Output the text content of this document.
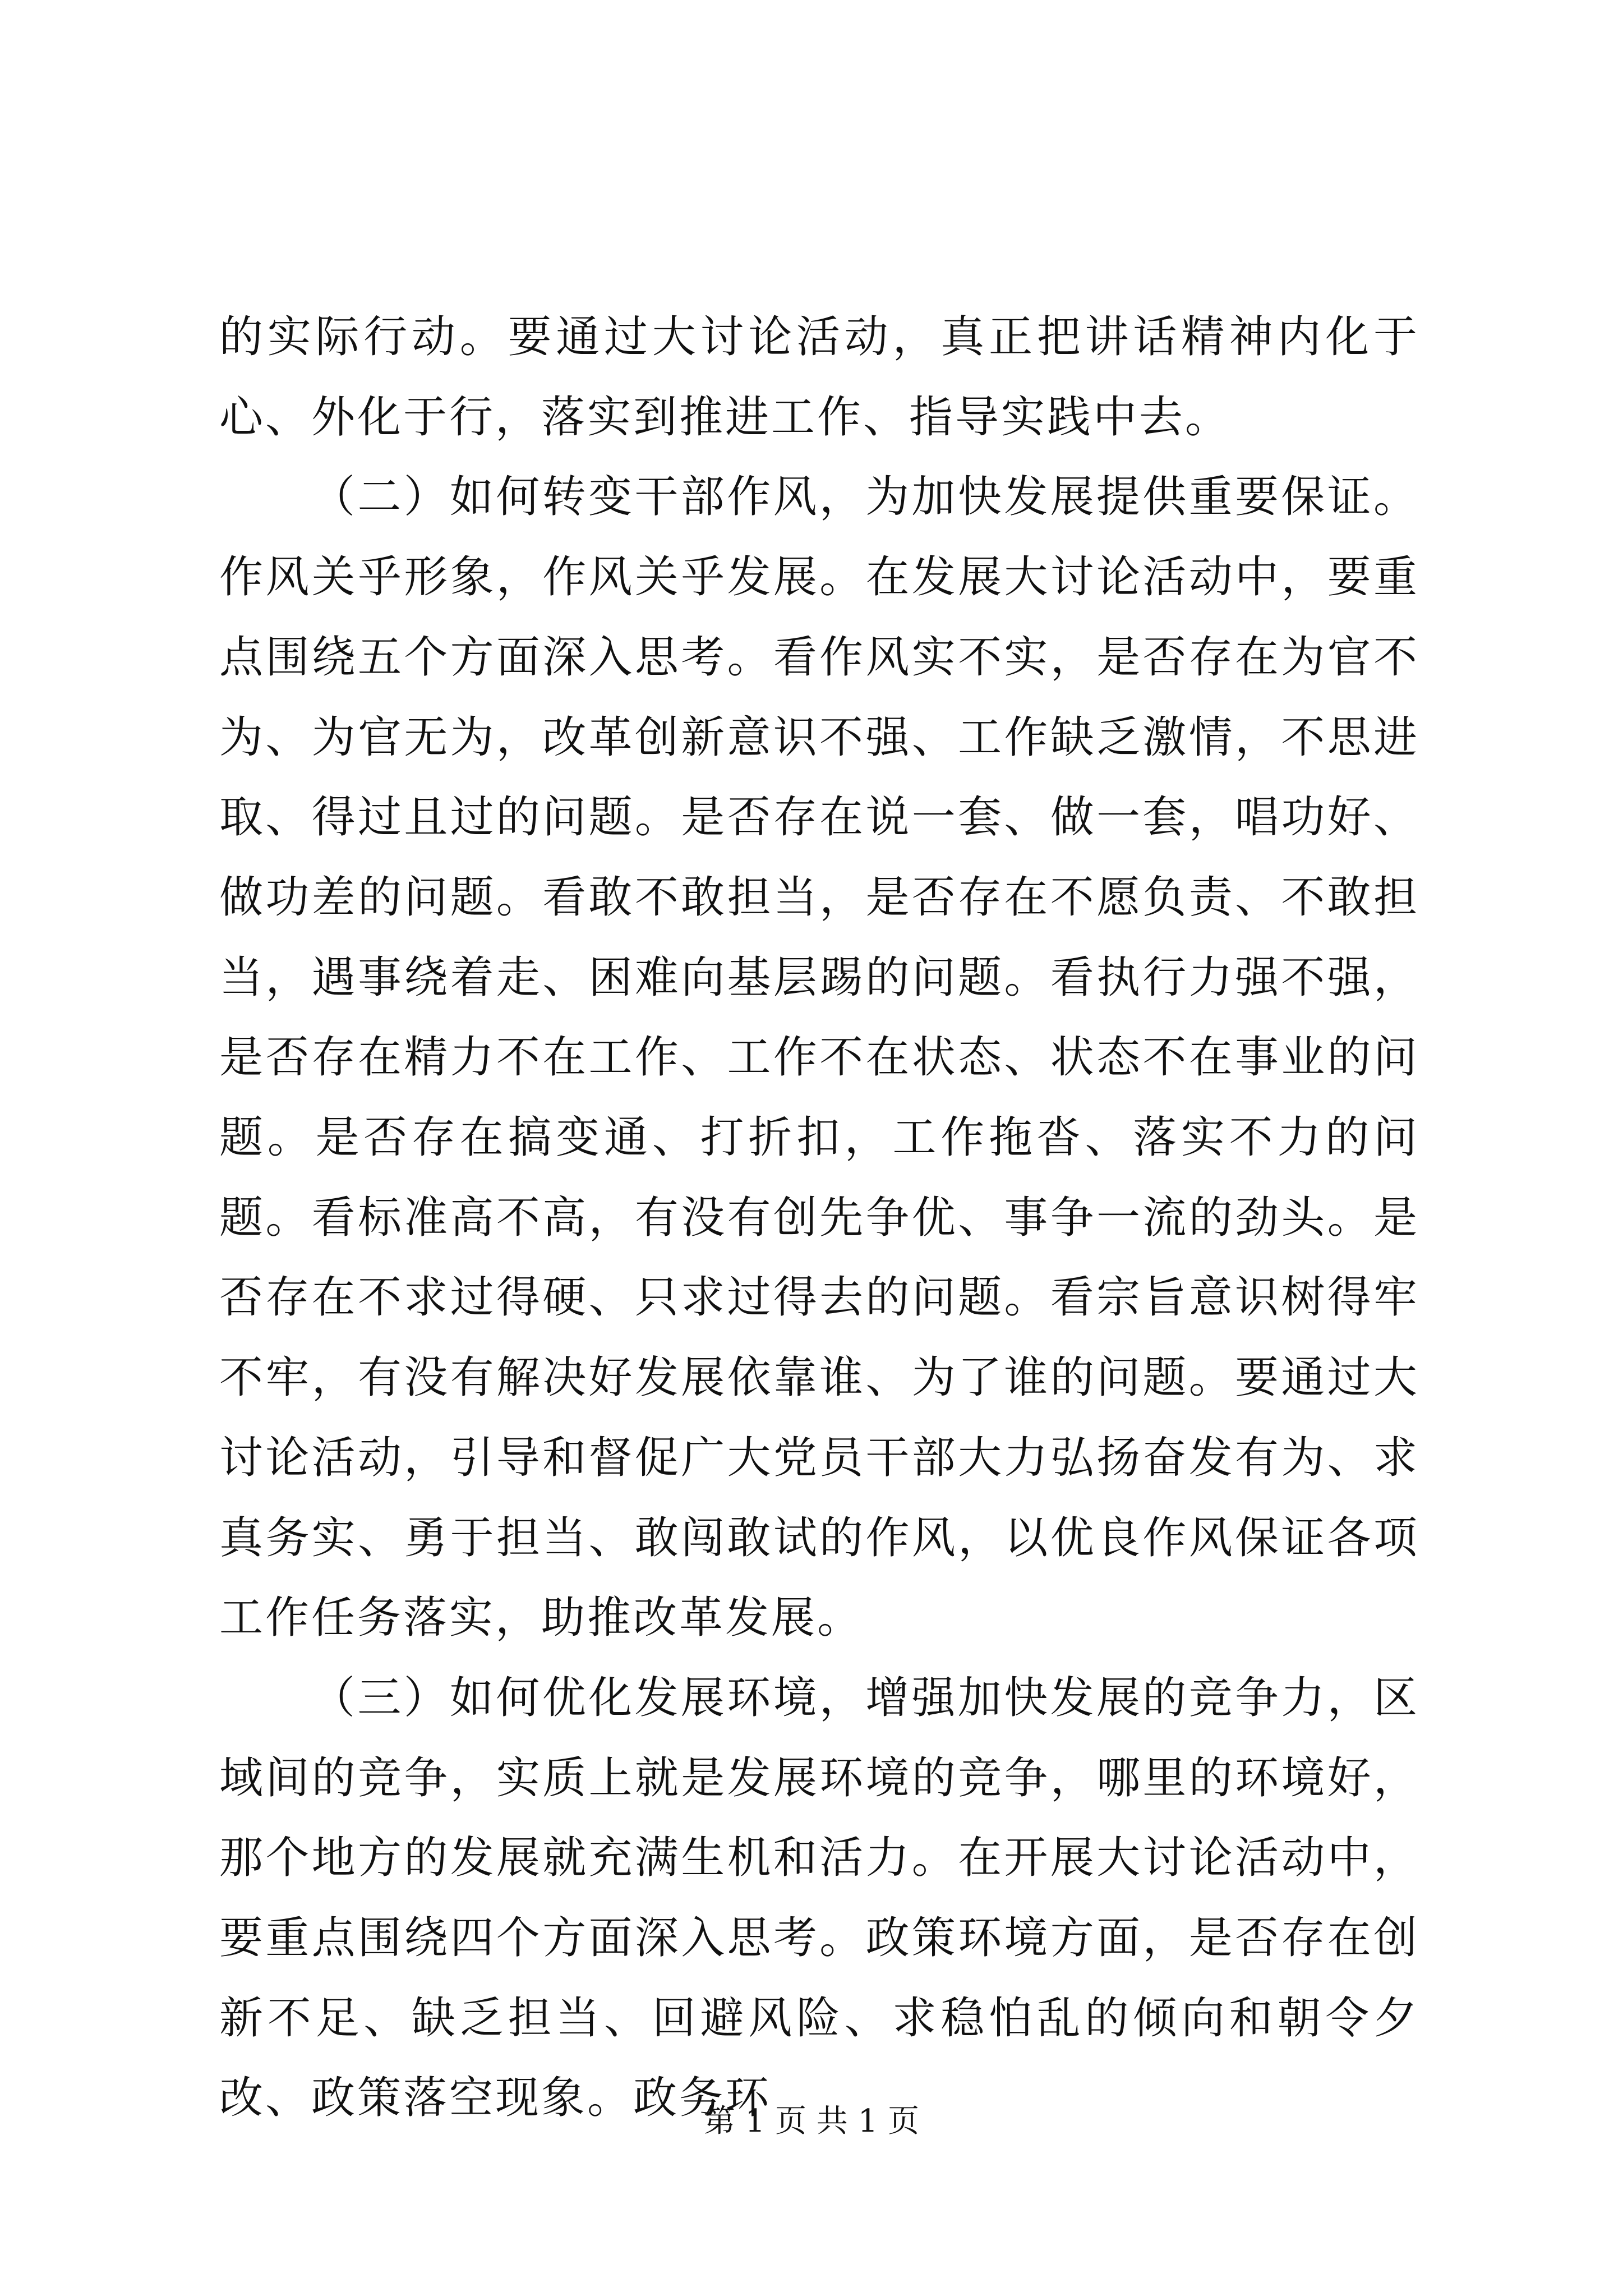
的实际行动。要通过大讨论活动，真正把讲话精神内化于心、外化于行，落实到推进工作、指导实践中去。

（二）如何转变干部作风，为加快发展提供重要保证。作风关乎形象，作风关乎发展。在发展大讨论活动中，要重点围绕五个方面深入思考。看作风实不实，是否存在为官不为、为官无为，改革创新意识不强、工作缺乏激情，不思进取、得过且过的问题。是否存在说一套、做一套，唱功好、做功差的问题。看敢不敢担当，是否存在不愿负责、不敢担当，遇事绕着走、困难向基层踢的问题。看执行力强不强，是否存在精力不在工作、工作不在状态、状态不在事业的问题。是否存在搞变通、打折扣，工作拖沓、落实不力的问题。看标准高不高，有没有创先争优、事争一流的劲头。是否存在不求过得硬、只求过得去的问题。看宗旨意识树得牢不牢，有没有解决好发展依靠谁、为了谁的问题。要通过大讨论活动，引导和督促广大党员干部大力弘扬奋发有为、求真务实、勇于担当、敢闯敢试的作风，以优良作风保证各项工作任务落实，助推改革发展。

（三）如何优化发展环境，增强加快发展的竞争力，区域间的竞争，实质上就是发展环境的竞争，哪里的环境好，那个地方的发展就充满生机和活力。在开展大讨论活动中，要重点围绕四个方面深入思考。政策环境方面，是否存在创新不足、缺乏担当、回避风险、求稳怕乱的倾向和朝令夕改、政策落空现象。政务环

第 1 页 共 1 页
